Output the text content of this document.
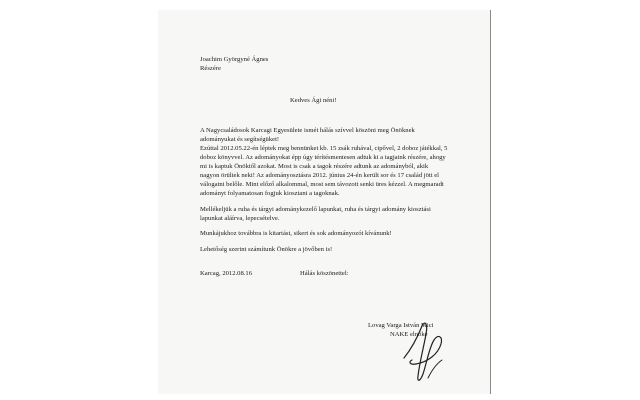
Joachim Györgyné Ágnes
Részére
Kedves Ági néni!
A Nagycsaládosok Karcagi Egyesülete ismét hálás szívvel köszöni meg Önöknek
adományukat és segítségüket!
Ezúttal 2012.05.22-én léptek meg bennünket kb. 15 zsák ruhával, cipővel, 2 doboz játékkal, 5
doboz könyvvel. Az adományokat épp úgy térítésmentesen adtuk ki a tagjaink részére, ahogy
mi is kaptuk Önöktől azokat. Most is csak a tagok részére adtunk az adományból, akik
nagyon örültek neki! Az adományosztásra 2012. június 24-én került sor és 17 család jött el
válogatni belőle. Mint előző alkalommal, most sem távozott senki üres kézzel. A megmaradt
adományt folyamatosan fogjuk kiosztani a tagoknak.
Mellékeljük a ruha és tárgyi adománykezelő lapunkat, ruha és tárgyi adomány kiosztási
lapunkat aláírva, lepecsételve.
Munkájukhoz továbbra is kitartást, sikert és sok adományozót kívánunk!
Lehetőség szerint számítunk Önökre a jövőben is!
Karcag, 2012.08.16	Hálás köszönettel:
Lovag Varga István Mici
NAKE elnöke
